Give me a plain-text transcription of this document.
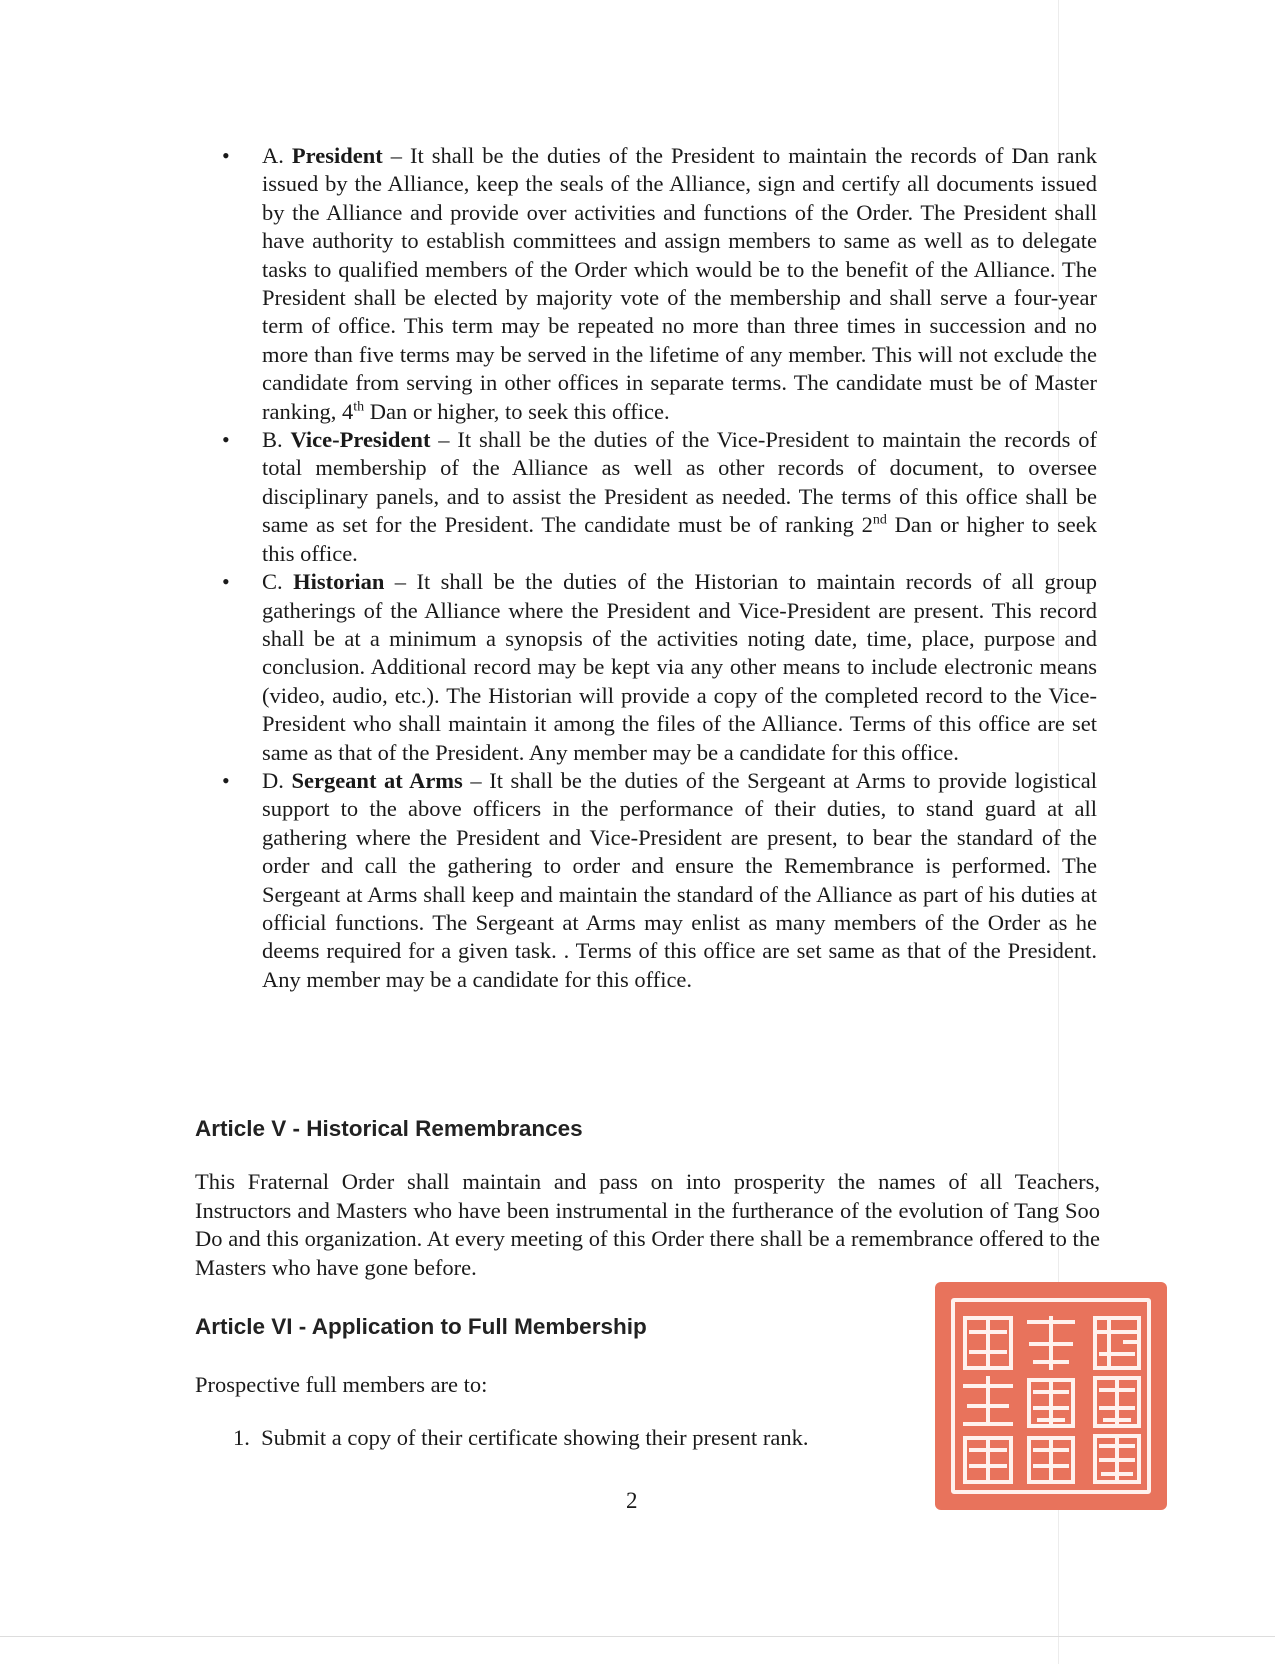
• A. President – It shall be the duties of the President to maintain the records of Dan rank issued by the Alliance, keep the seals of the Alliance, sign and certify all documents issued by the Alliance and provide over activities and functions of the Order. The President shall have authority to establish committees and assign members to same as well as to delegate tasks to qualified members of the Order which would be to the benefit of the Alliance. The President shall be elected by majority vote of the membership and shall serve a four-year term of office. This term may be repeated no more than three times in succession and no more than five terms may be served in the lifetime of any member. This will not exclude the candidate from serving in other offices in separate terms. The candidate must be of Master ranking, 4th Dan or higher, to seek this office.
• B. Vice-President – It shall be the duties of the Vice-President to maintain the records of total membership of the Alliance as well as other records of document, to oversee disciplinary panels, and to assist the President as needed. The terms of this office shall be same as set for the President. The candidate must be of ranking 2nd Dan or higher to seek this office.
• C. Historian – It shall be the duties of the Historian to maintain records of all group gatherings of the Alliance where the President and Vice-President are present. This record shall be at a minimum a synopsis of the activities noting date, time, place, purpose and conclusion. Additional record may be kept via any other means to include electronic means (video, audio, etc.). The Historian will provide a copy of the completed record to the Vice-President who shall maintain it among the files of the Alliance. Terms of this office are set same as that of the President. Any member may be a candidate for this office.
• D. Sergeant at Arms – It shall be the duties of the Sergeant at Arms to provide logistical support to the above officers in the performance of their duties, to stand guard at all gathering where the President and Vice-President are present, to bear the standard of the order and call the gathering to order and ensure the Remembrance is performed. The Sergeant at Arms shall keep and maintain the standard of the Alliance as part of his duties at official functions. The Sergeant at Arms may enlist as many members of the Order as he deems required for a given task. . Terms of this office are set same as that of the President. Any member may be a candidate for this office.
Article V - Historical Remembrances

This Fraternal Order shall maintain and pass on into prosperity the names of all Teachers, Instructors and Masters who have been instrumental in the furtherance of the evolution of Tang Soo Do and this organization. At every meeting of this Order there shall be a remembrance offered to the Masters who have gone before.

Article VI - Application to Full Membership

Prospective full members are to:

1. Submit a copy of their certificate showing their present rank.
2
